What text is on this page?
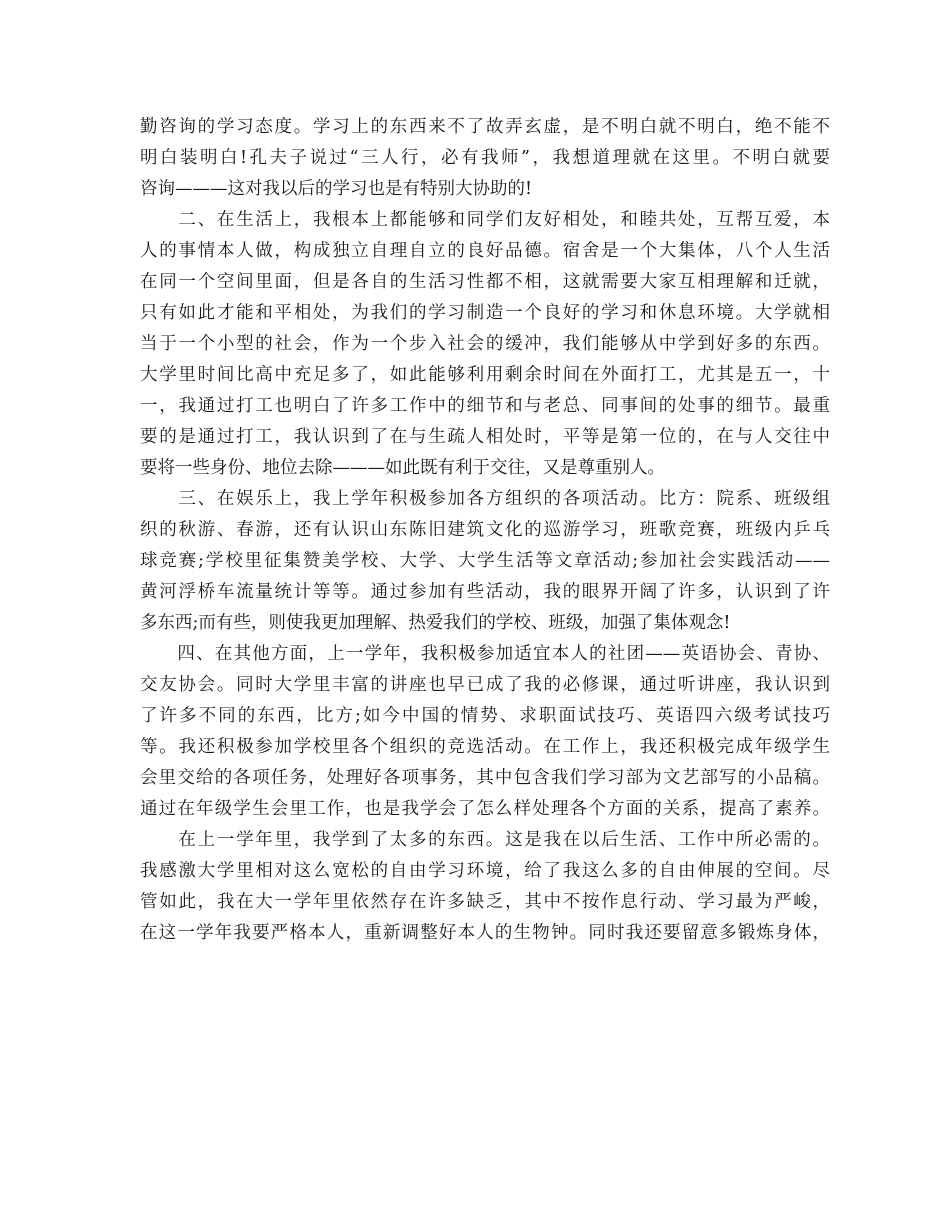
勤咨询的学习态度。学习上的东西来不了故弄玄虚，是不明白就不明白，绝不能不
明白装明白!孔夫子说过“三人行，必有我师”，我想道理就在这里。不明白就要
咨询———这对我以后的学习也是有特别大协助的!
　　二、在生活上，我根本上都能够和同学们友好相处，和睦共处，互帮互爱，本
人的事情本人做，构成独立自理自立的良好品德。宿舍是一个大集体，八个人生活
在同一个空间里面，但是各自的生活习性都不相，这就需要大家互相理解和迁就，
只有如此才能和平相处，为我们的学习制造一个良好的学习和休息环境。大学就相
当于一个小型的社会，作为一个步入社会的缓冲，我们能够从中学到好多的东西。
大学里时间比高中充足多了，如此能够利用剩余时间在外面打工，尤其是五一，十
一，我通过打工也明白了许多工作中的细节和与老总、同事间的处事的细节。最重
要的是通过打工，我认识到了在与生疏人相处时，平等是第一位的，在与人交往中
要将一些身份、地位去除———如此既有利于交往，又是尊重别人。
　　三、在娱乐上，我上学年积极参加各方组织的各项活动。比方：院系、班级组
织的秋游、春游，还有认识山东陈旧建筑文化的巡游学习，班歌竞赛，班级内乒乓
球竞赛;学校里征集赞美学校、大学、大学生活等文章活动;参加社会实践活动——
黄河浮桥车流量统计等等。通过参加有些活动，我的眼界开阔了许多，认识到了许
多东西;而有些，则使我更加理解、热爱我们的学校、班级，加强了集体观念!
　　四、在其他方面，上一学年，我积极参加适宜本人的社团——英语协会、青协、
交友协会。同时大学里丰富的讲座也早已成了我的必修课，通过听讲座，我认识到
了许多不同的东西，比方;如今中国的情势、求职面试技巧、英语四六级考试技巧
等。我还积极参加学校里各个组织的竞选活动。在工作上，我还积极完成年级学生
会里交给的各项任务，处理好各项事务，其中包含我们学习部为文艺部写的小品稿。
通过在年级学生会里工作，也是我学会了怎么样处理各个方面的关系，提高了素养。
　　在上一学年里，我学到了太多的东西。这是我在以后生活、工作中所必需的。
我感激大学里相对这么宽松的自由学习环境，给了我这么多的自由伸展的空间。尽
管如此，我在大一学年里依然存在许多缺乏，其中不按作息行动、学习最为严峻，
在这一学年我要严格本人，重新调整好本人的生物钟。同时我还要留意多锻炼身体，
